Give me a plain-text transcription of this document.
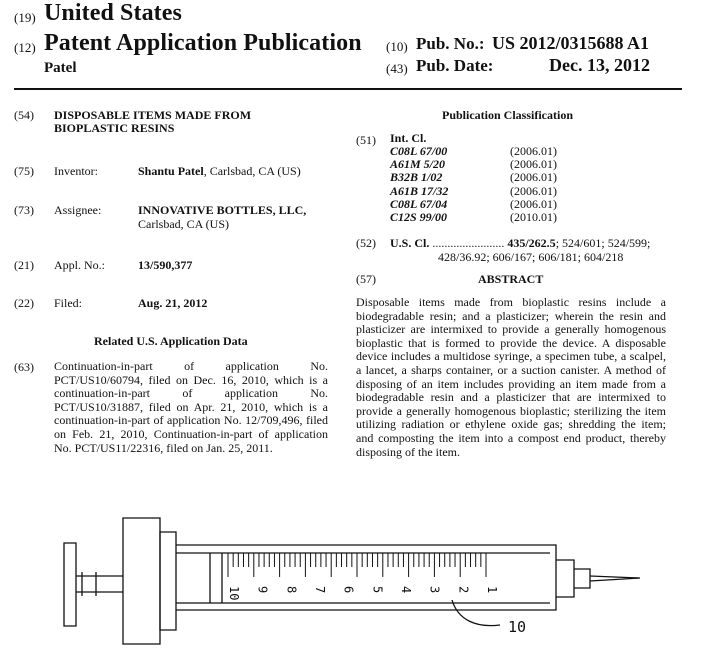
(19) United States
(12) Patent Application Publication
Patel
(10) Pub. No.: US 2012/0315688 A1
(43) Pub. Date:	Dec. 13, 2012
(54) DISPOSABLE ITEMS MADE FROM
BIOPLASTIC RESINS
(75) Inventor:	Shantu Patel, Carlsbad, CA (US)
(73) Assignee:	INNOVATIVE BOTTLES, LLC,
Carlsbad, CA (US)
(21) Appl. No.:	13/590,377
(22) Filed:	Aug. 21, 2012
Related U.S. Application Data
(63) Continuation-in-part of application No. PCT/US10/60794, filed on Dec. 16, 2010, which is a continuation-in-part of application No. PCT/US10/31887, filed on Apr. 21, 2010, which is a continuation-in-part of application No. 12/709,496, filed on Feb. 21, 2010, Continuation-in-part of application No. PCT/US11/22316, filed on Jan. 25, 2011.
Publication Classification
(51) Int. Cl.
C08L 67/00	(2006.01)
A61M 5/20	(2006.01)
B32B 1/02	(2006.01)
A61B 17/32	(2006.01)
C08L 67/04	(2006.01)
C12S 99/00	(2010.01)
(52) U.S. Cl. ........................ 435/262.5; 524/601; 524/599;
428/36.92; 606/167; 606/181; 604/218
(57)	ABSTRACT
Disposable items made from bioplastic resins include a biodegradable resin; and a plasticizer; wherein the resin and plasticizer are intermixed to provide a generally homogenous bioplastic that is formed to provide the device. A disposable device includes a multidose syringe, a specimen tube, a scalpel, a lancet, a sharps container, or a suction canister. A method of disposing of an item includes providing an item made from a biodegradable resin and a plasticizer that are intermixed to provide a generally homogenous bioplastic; sterilizing the item utilizing radiation or ethylene oxide gas; shredding the item; and composting the item into a compost end product, thereby disposing of the item.
10 9 8 7 6 5 4 3 2 1
10
